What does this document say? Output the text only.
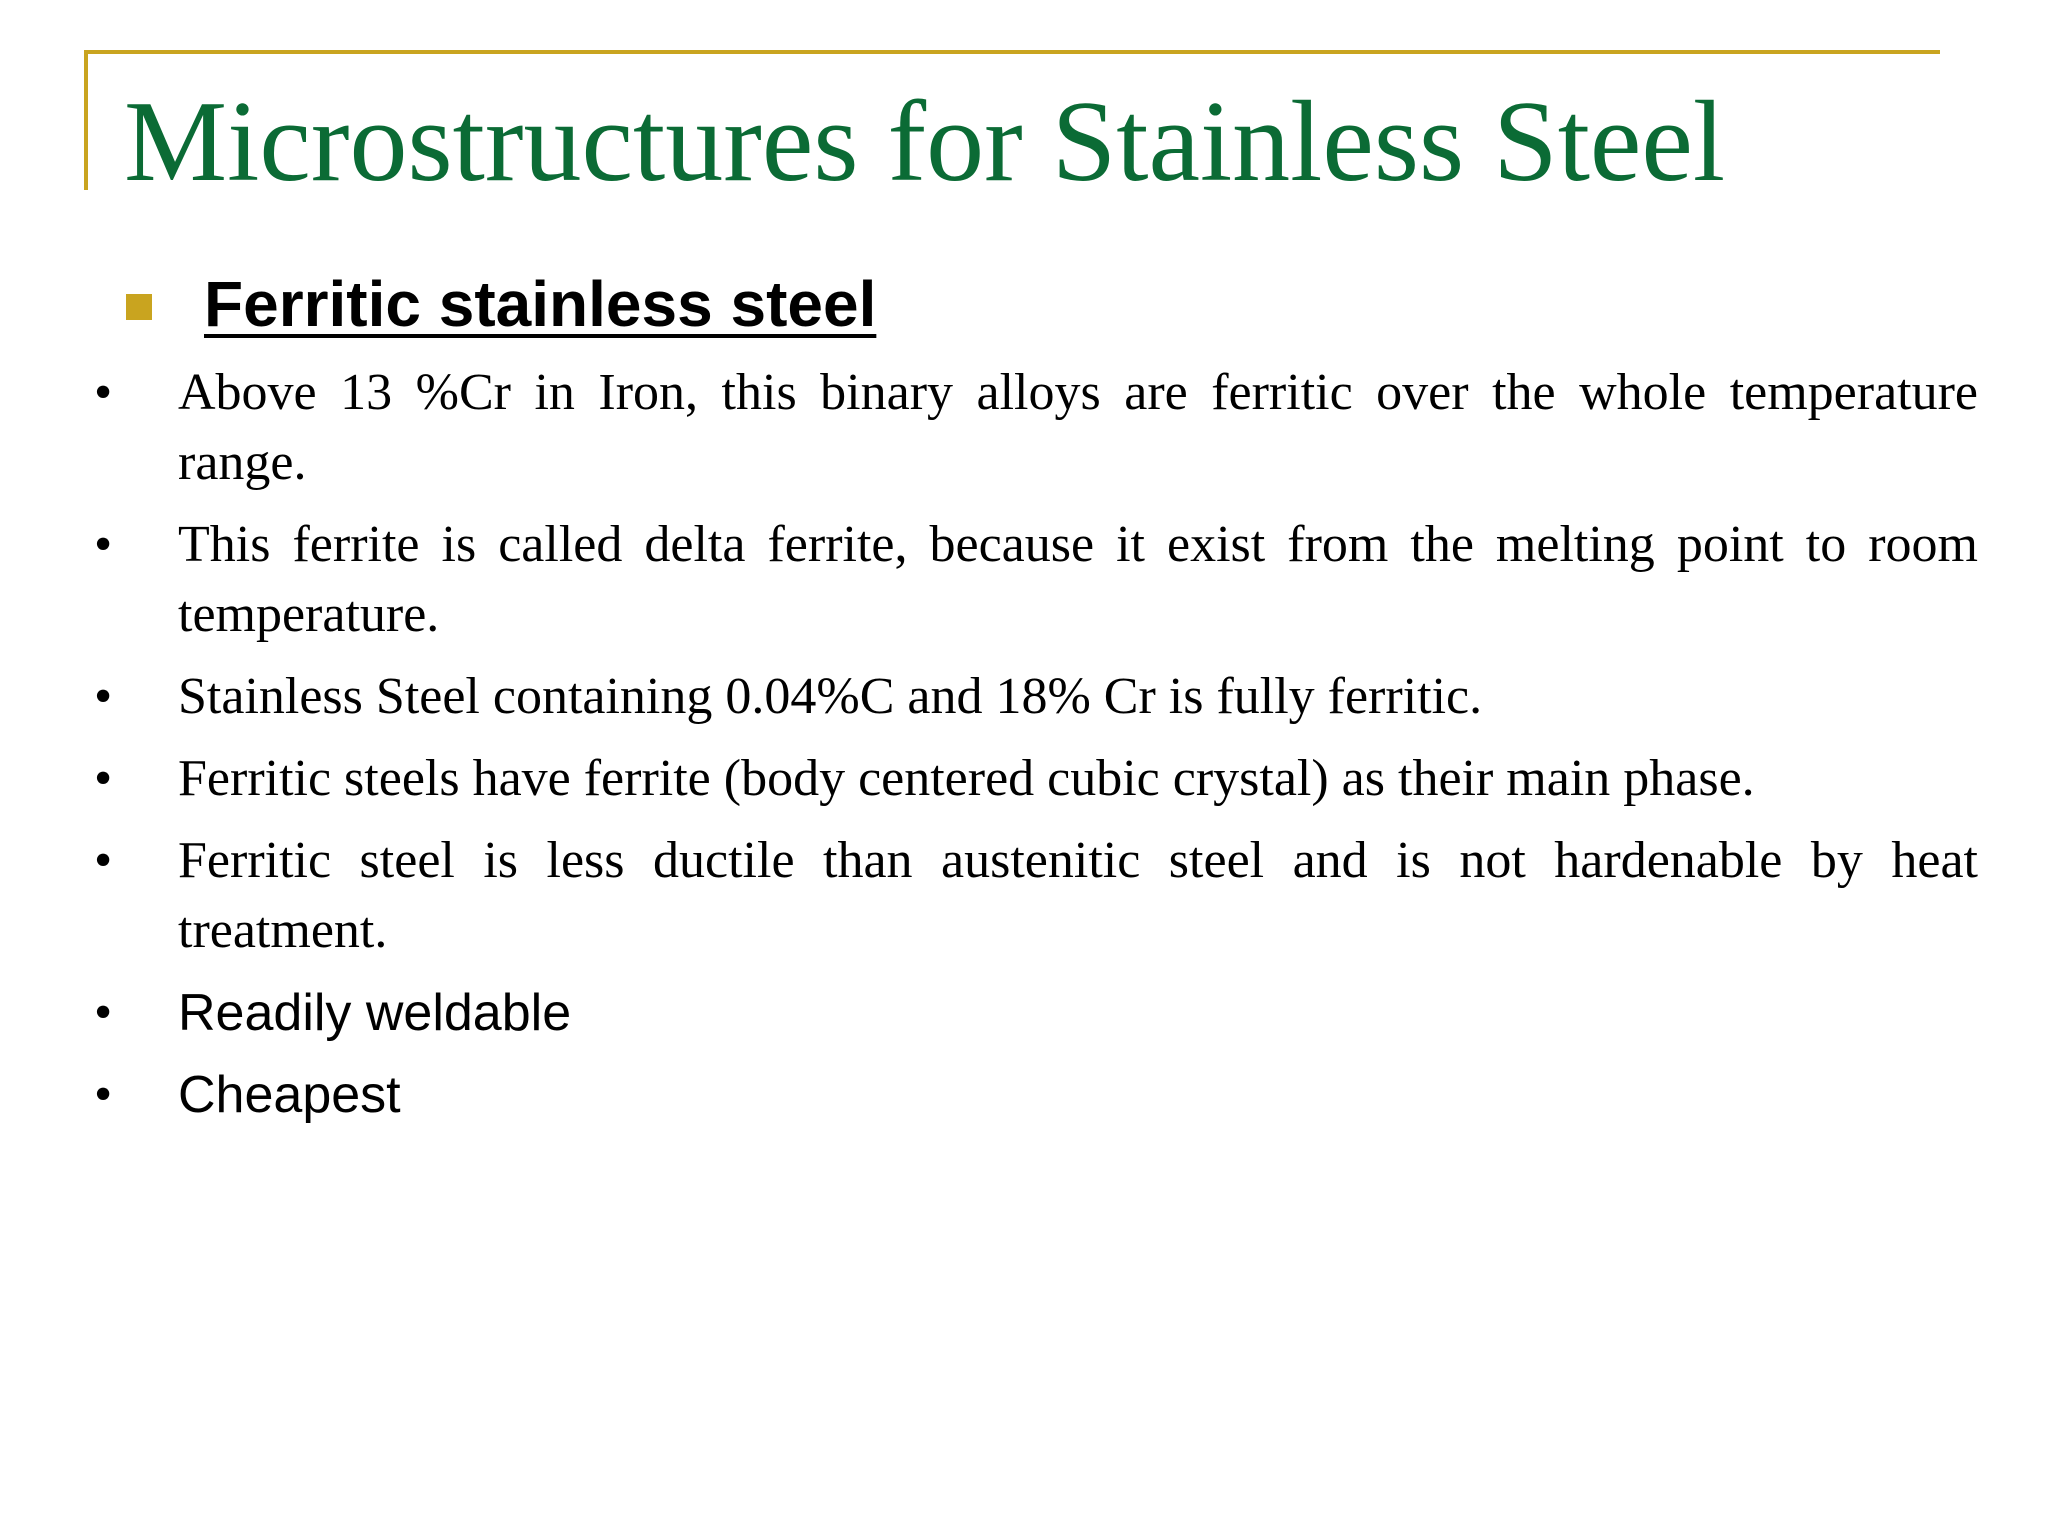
Microstructures for Stainless Steel
Ferritic stainless steel
•	Above 13 %Cr in Iron, this binary alloys are ferritic over the whole temperature range.
•	This ferrite is called delta ferrite, because it exist from the melting point to room temperature.
•	Stainless Steel containing 0.04%C and 18% Cr is fully ferritic.
•	Ferritic steels have ferrite (body centered cubic crystal) as their main phase.
•	Ferritic steel is less ductile than austenitic steel and is not hardenable by heat treatment.
•	Readily weldable
•	Cheapest
